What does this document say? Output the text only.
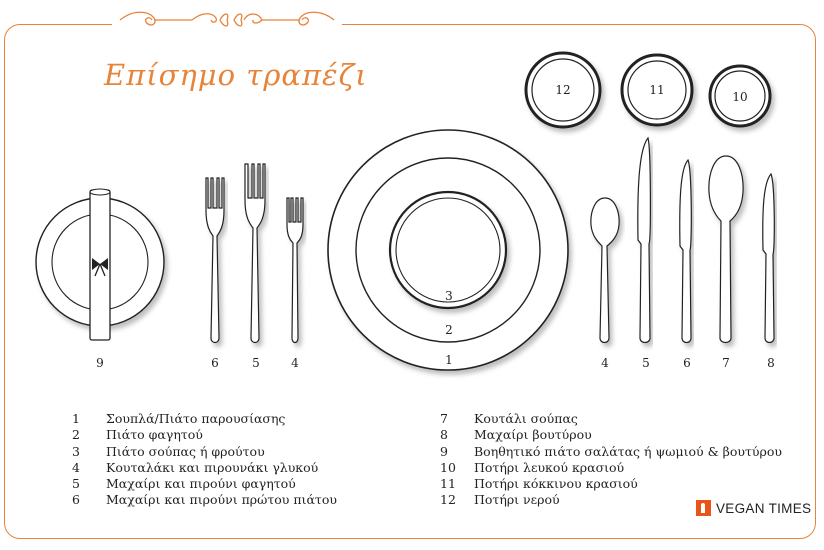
Επίσημο τραπέζι	12	11	10
9	6	5	4
3
2
1	4	5	6	7	8
1	Σουπλά/Πιάτο παρουσίασης
2	Πιάτο φαγητού
3	Πιάτο σούπας ή φρούτου
4	Κουταλάκι και πιρουνάκι γλυκού
5	Μαχαίρι και πιρούνι φαγητού
6	Μαχαίρι και πιρούνι πρώτου πιάτου
7	Κουτάλι σούπας
8	Μαχαίρι βουτύρου
9	Βοηθητικό πιάτο σαλάτας ή ψωμιού & βουτύρου
10	Ποτήρι λευκού κρασιού
11	Ποτήρι κόκκινου κρασιού
12	Ποτήρι νερού
VEGAN TIMES
